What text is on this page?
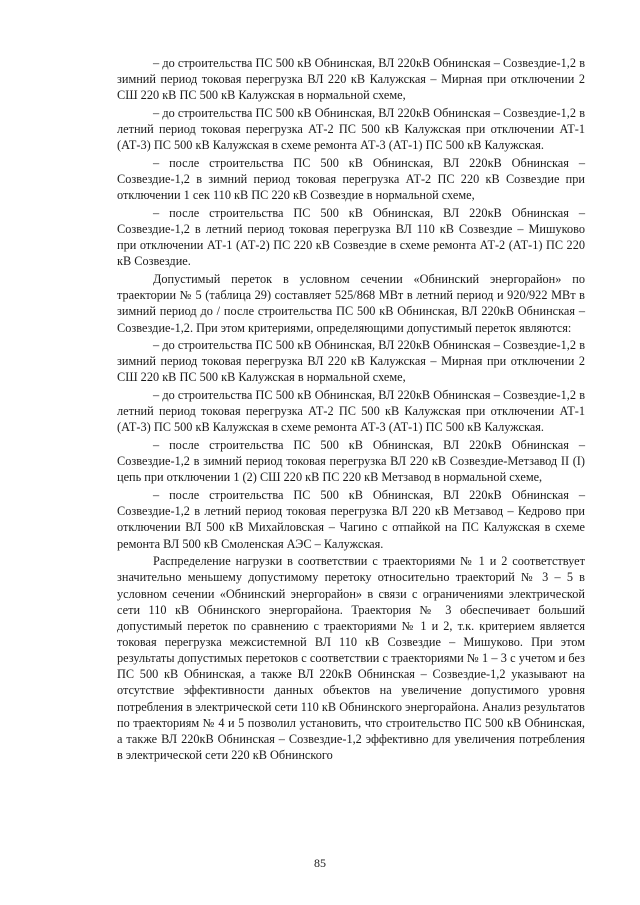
– до строительства ПС 500 кВ Обнинская, ВЛ 220кВ Обнинская – Созвездие-1,2 в зимний период токовая перегрузка ВЛ 220 кВ Калужская – Мирная при отключении 2 СШ 220 кВ ПС 500 кВ Калужская в нормальной схеме,

– до строительства ПС 500 кВ Обнинская, ВЛ 220кВ Обнинская – Созвездие-1,2 в летний период токовая перегрузка АТ-2 ПС 500 кВ Калужская при отключении АТ-1 (АТ-3) ПС 500 кВ Калужская в схеме ремонта АТ-3 (АТ-1) ПС 500 кВ Калужская.

– после строительства ПС 500 кВ Обнинская, ВЛ 220кВ Обнинская – Созвездие-1,2 в зимний период токовая перегрузка АТ-2 ПС 220 кВ Созвездие при отключении 1 сек 110 кВ ПС 220 кВ Созвездие в нормальной схеме,

– после строительства ПС 500 кВ Обнинская, ВЛ 220кВ Обнинская – Созвездие-1,2 в летний период токовая перегрузка ВЛ 110 кВ Созвездие – Мишуково при отключении АТ-1 (АТ-2) ПС 220 кВ Созвездие в схеме ремонта АТ-2 (АТ-1) ПС 220 кВ Созвездие.

Допустимый переток в условном сечении «Обнинский энергорайон» по траектории № 5 (таблица 29) составляет 525/868 МВт в летний период и 920/922 МВт в зимний период до / после строительства ПС 500 кВ Обнинская, ВЛ 220кВ Обнинская – Созвездие-1,2. При этом критериями, определяющими допустимый переток являются:

– до строительства ПС 500 кВ Обнинская, ВЛ 220кВ Обнинская – Созвездие-1,2 в зимний период токовая перегрузка ВЛ 220 кВ Калужская – Мирная при отключении 2 СШ 220 кВ ПС 500 кВ Калужская в нормальной схеме,

– до строительства ПС 500 кВ Обнинская, ВЛ 220кВ Обнинская – Созвездие-1,2 в летний период токовая перегрузка АТ-2 ПС 500 кВ Калужская при отключении АТ-1 (АТ-3) ПС 500 кВ Калужская в схеме ремонта АТ-3 (АТ-1) ПС 500 кВ Калужская.

– после строительства ПС 500 кВ Обнинская, ВЛ 220кВ Обнинская – Созвездие-1,2 в зимний период токовая перегрузка ВЛ 220 кВ Созвездие-Метзавод II (I) цепь при отключении 1 (2) СШ 220 кВ ПС 220 кВ Метзавод в нормальной схеме,

– после строительства ПС 500 кВ Обнинская, ВЛ 220кВ Обнинская – Созвездие-1,2 в летний период токовая перегрузка ВЛ 220 кВ Метзавод – Кедрово при отключении ВЛ 500 кВ Михайловская – Чагино с отпайкой на ПС Калужская в схеме ремонта ВЛ 500 кВ Смоленская АЭС – Калужская.

Распределение нагрузки в соответствии с траекториями № 1 и 2 соответствует значительно меньшему допустимому перетоку относительно траекторий № 3 – 5 в условном сечении «Обнинский энергорайон» в связи с ограничениями электрической сети 110 кВ Обнинского энергорайона. Траектория № 3 обеспечивает больший допустимый переток по сравнению с траекториями № 1 и 2, т.к. критерием является токовая перегрузка межсистемной ВЛ 110 кВ Созвездие – Мишуково. При этом результаты допустимых перетоков с соответствии с траекториями № 1 – 3 с учетом и без ПС 500 кВ Обнинская, а также ВЛ 220кВ Обнинская – Созвездие-1,2 указывают на отсутствие эффективности данных объектов на увеличение допустимого уровня потребления в электрической сети 110 кВ Обнинского энергорайона. Анализ результатов по траекториям № 4 и 5 позволил установить, что строительство ПС 500 кВ Обнинская, а также ВЛ 220кВ Обнинская – Созвездие-1,2 эффективно для увеличения потребления в электрической сети 220 кВ Обнинского

85
